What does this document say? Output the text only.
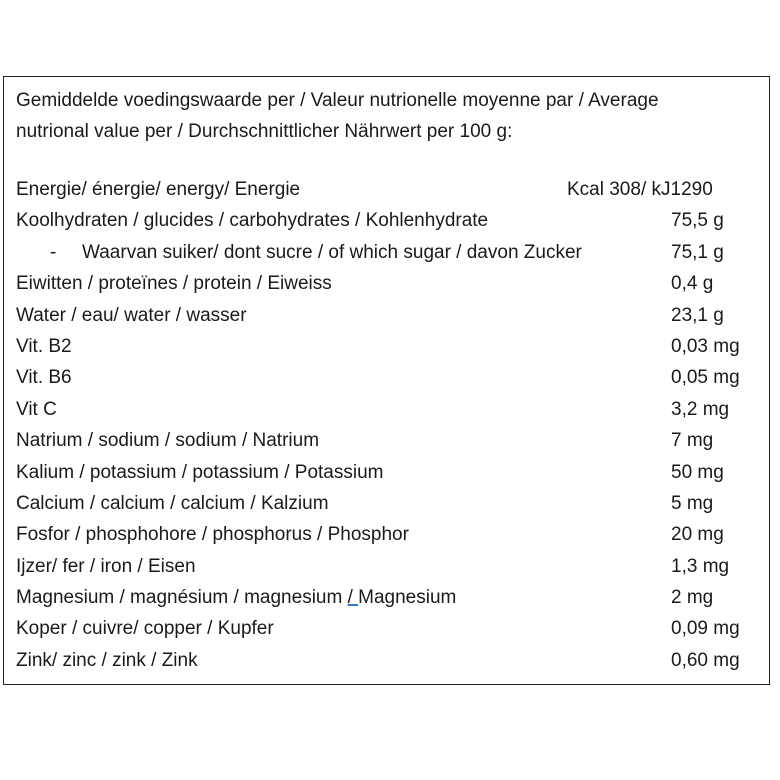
Gemiddelde voedingswaarde per / Valeur nutrionelle moyenne par / Average

nutrional value per / Durchschnittlicher Nährwert per 100 g:

Energie/ énergie/ energy/ Energie	Kcal 308/ kJ1290
Koolhydraten / glucides / carbohydrates / Kohlenhydrate	75,5 g
- Waarvan suiker/ dont sucre / of which sugar / davon Zucker	75,1 g
Eiwitten / proteïnes / protein / Eiweiss	0,4 g
Water / eau/ water / wasser	23,1 g
Vit. B2	0,03 mg
Vit. B6	0,05 mg
Vit C	3,2 mg
Natrium / sodium / sodium / Natrium	7 mg
Kalium / potassium / potassium / Potassium	50 mg
Calcium / calcium / calcium / Kalzium	5 mg
Fosfor / phosphohore / phosphorus / Phosphor	20 mg
Ijzer/ fer / iron / Eisen	1,3 mg
Magnesium / magnésium / magnesium / Magnesium	2 mg
Koper / cuivre/ copper / Kupfer	0,09 mg
Zink/ zinc / zink / Zink	0,60 mg
